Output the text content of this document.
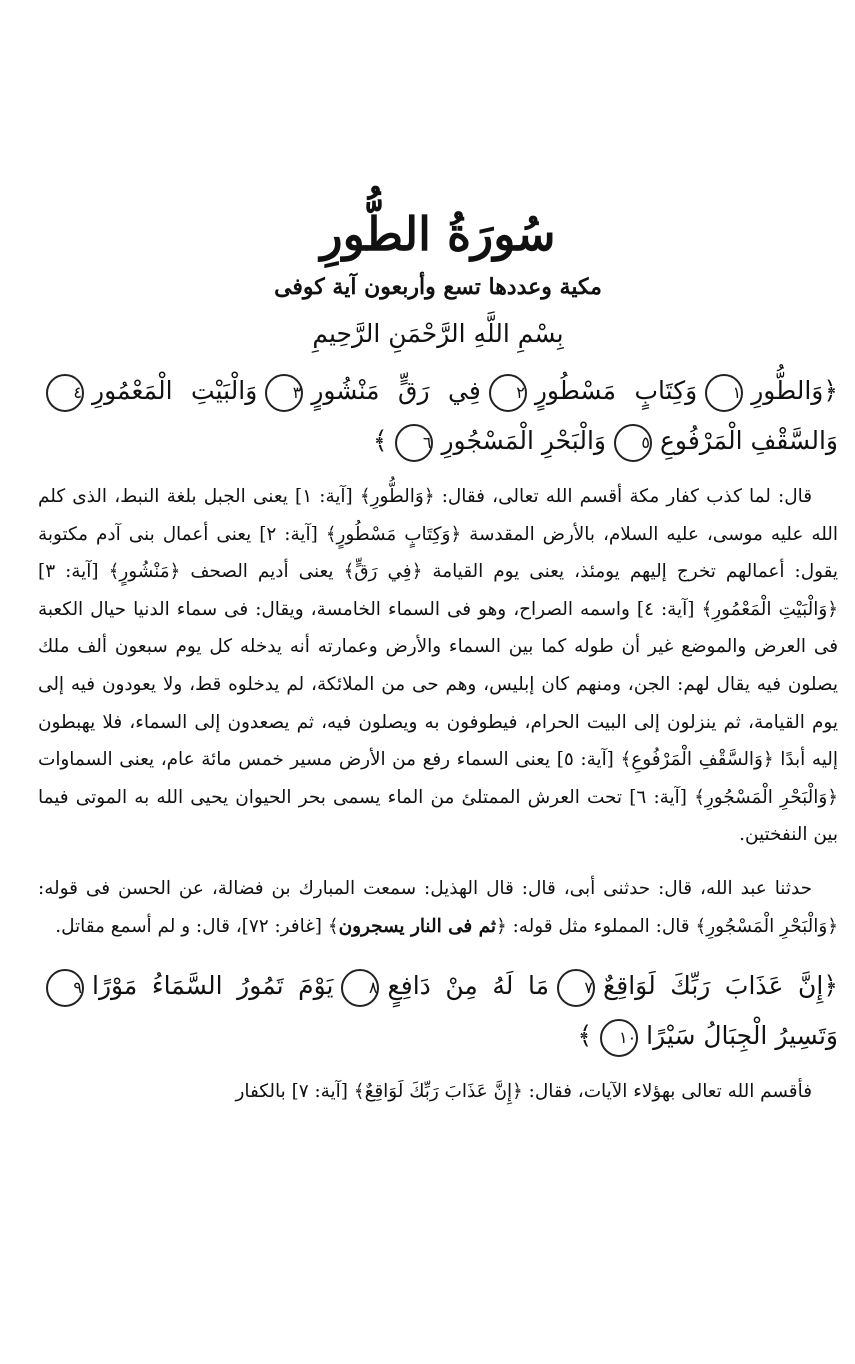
سُورَةُ الطُّورِ
مكية وعددها تسع وأربعون آية كوفى
بِسْمِ اللَّهِ الرَّحْمَنِ الرَّحِيمِ
﴿وَالطُّورِ١وَكِتَابٍ مَسْطُورٍ٢فِي رَقٍّ مَنْشُورٍ٣وَالْبَيْتِ الْمَعْمُورِ٤وَالسَّقْفِ الْمَرْفُوعِ٥وَالْبَحْرِ الْمَسْجُورِ٦﴾

قال: لما كذب كفار مكة أقسم الله تعالى، فقال: ﴿وَالطُّورِ﴾ [آية: ١] يعنى الجبل بلغة النبط، الذى كلم الله عليه موسى، عليه السلام، بالأرض المقدسة ﴿وَكِتَابٍ مَسْطُورٍ﴾ [آية: ٢] يعنى أعمال بنى آدم مكتوبة يقول: أعمالهم تخرج إليهم يومئذ، يعنى يوم القيامة ﴿فِي رَقٍّ﴾ يعنى أديم الصحف ﴿مَنْشُورٍ﴾ [آية: ٣] ﴿وَالْبَيْتِ الْمَعْمُورِ﴾ [آية: ٤] واسمه الصراح، وهو فى السماء الخامسة، ويقال: فى سماء الدنيا حيال الكعبة فى العرض والموضع غير أن طوله كما بين السماء والأرض وعمارته أنه يدخله كل يوم سبعون ألف ملك يصلون فيه يقال لهم: الجن، ومنهم كان إبليس، وهم حى من الملائكة، لم يدخلوه قط، ولا يعودون فيه إلى يوم القيامة، ثم ينزلون إلى البيت الحرام، فيطوفون به ويصلون فيه، ثم يصعدون إلى السماء، فلا يهبطون إليه أبدًا ﴿وَالسَّقْفِ الْمَرْفُوعِ﴾ [آية: ٥] يعنى السماء رفع من الأرض مسير خمس مائة عام، يعنى السماوات ﴿وَالْبَحْرِ الْمَسْجُورِ﴾ [آية: ٦] تحت العرش الممتلئ من الماء يسمى بحر الحيوان يحيى الله به الموتى فيما بين النفختين.

حدثنا عبد الله، قال: حدثنى أبى، قال: قال الهذيل: سمعت المبارك بن فضالة، عن الحسن فى قوله: ﴿وَالْبَحْرِ الْمَسْجُورِ﴾ قال: المملوء مثل قوله: ﴿ثم فى النار يسجرون﴾ [غافر: ٧٢]، قال: و لم أسمع مقاتل.

﴿إِنَّ عَذَابَ رَبِّكَ لَوَاقِعٌ٧مَا لَهُ مِنْ دَافِعٍ٨يَوْمَ تَمُورُ السَّمَاءُ مَوْرًا٩وَتَسِيرُ الْجِبَالُ سَيْرًا١٠﴾

فأقسم الله تعالى بهؤلاء الآيات، فقال: ﴿إِنَّ عَذَابَ رَبِّكَ لَوَاقِعٌ﴾ [آية: ٧] بالكفار
